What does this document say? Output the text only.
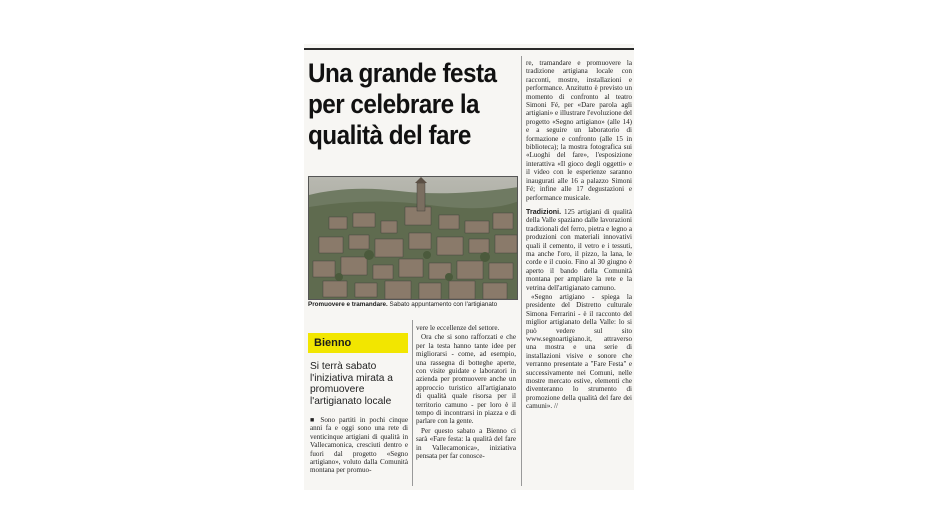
Una grande festa per celebrare la qualità del fare
Promuovere e tramandare. Sabato appuntamento con l'artigianato
Bienno

Si terrà sabato l'iniziativa mirata a promuovere l'artigianato locale

■ Sono partiti in pochi cinque anni fa e oggi sono una rete di venticinque artigiani di qualità in Vallecamonica, cresciuti dentro e fuori dal progetto «Segno artigiano», voluto dalla Comunità montana per promuo-

vere le eccellenze del settore.

Ora che si sono rafforzati e che per la testa hanno tante idee per migliorarsi - come, ad esempio, una rassegna di botteghe aperte, con visite guidate e laboratori in azienda per promuovere anche un approccio turistico all'artigianato di qualità quale risorsa per il territorio camuno - per loro è il tempo di incontrarsi in piazza e di parlare con la gente.

Per questo sabato a Bienno ci sarà «Fare festa: la qualità del fare in Vallecamonica», iniziativa pensata per far conosce-

re, tramandare e promuovere la tradizione artigiana locale con racconti, mostre, installazioni e performance. Anzitutto è previsto un momento di confronto al teatro Simoni Fé, per «Dare parola agli artigiani» e illustrare l'evoluzione del progetto «Segno artigiano» (alle 14) e a seguire un laboratorio di formazione e confronto (alle 15 in biblioteca); la mostra fotografica sui «Luoghi del fare», l'esposizione interattiva «Il gioco degli oggetti» e il video con le esperienze saranno inaugurati alle 16 a palazzo Simoni Fé; infine alle 17 degustazioni e performance musicale.

Tradizioni. 125 artigiani di qualità della Valle spaziano dalle lavorazioni tradizionali del ferro, pietra e legno a produzioni con materiali innovativi quali il cemento, il vetro e i tessuti, ma anche l'oro, il pizzo, la lana, le corde e il cuoio. Fino al 30 giugno è aperto il bando della Comunità montana per ampliare la rete e la vetrina dell'artigianato camuno.

«Segno artigiano - spiega la presidente del Distretto culturale Simona Ferrarini - è il racconto del miglior artigianato della Valle: lo si può vedere sul sito www.segnoartigiano.it, attraverso una mostra e una serie di installazioni visive e sonore che verranno presentate a "Fare Festa" e successivamente nei Comuni, nelle mostre mercato estive, elementi che diventeranno lo strumento di promozione della qualità del fare dei camuni». //
